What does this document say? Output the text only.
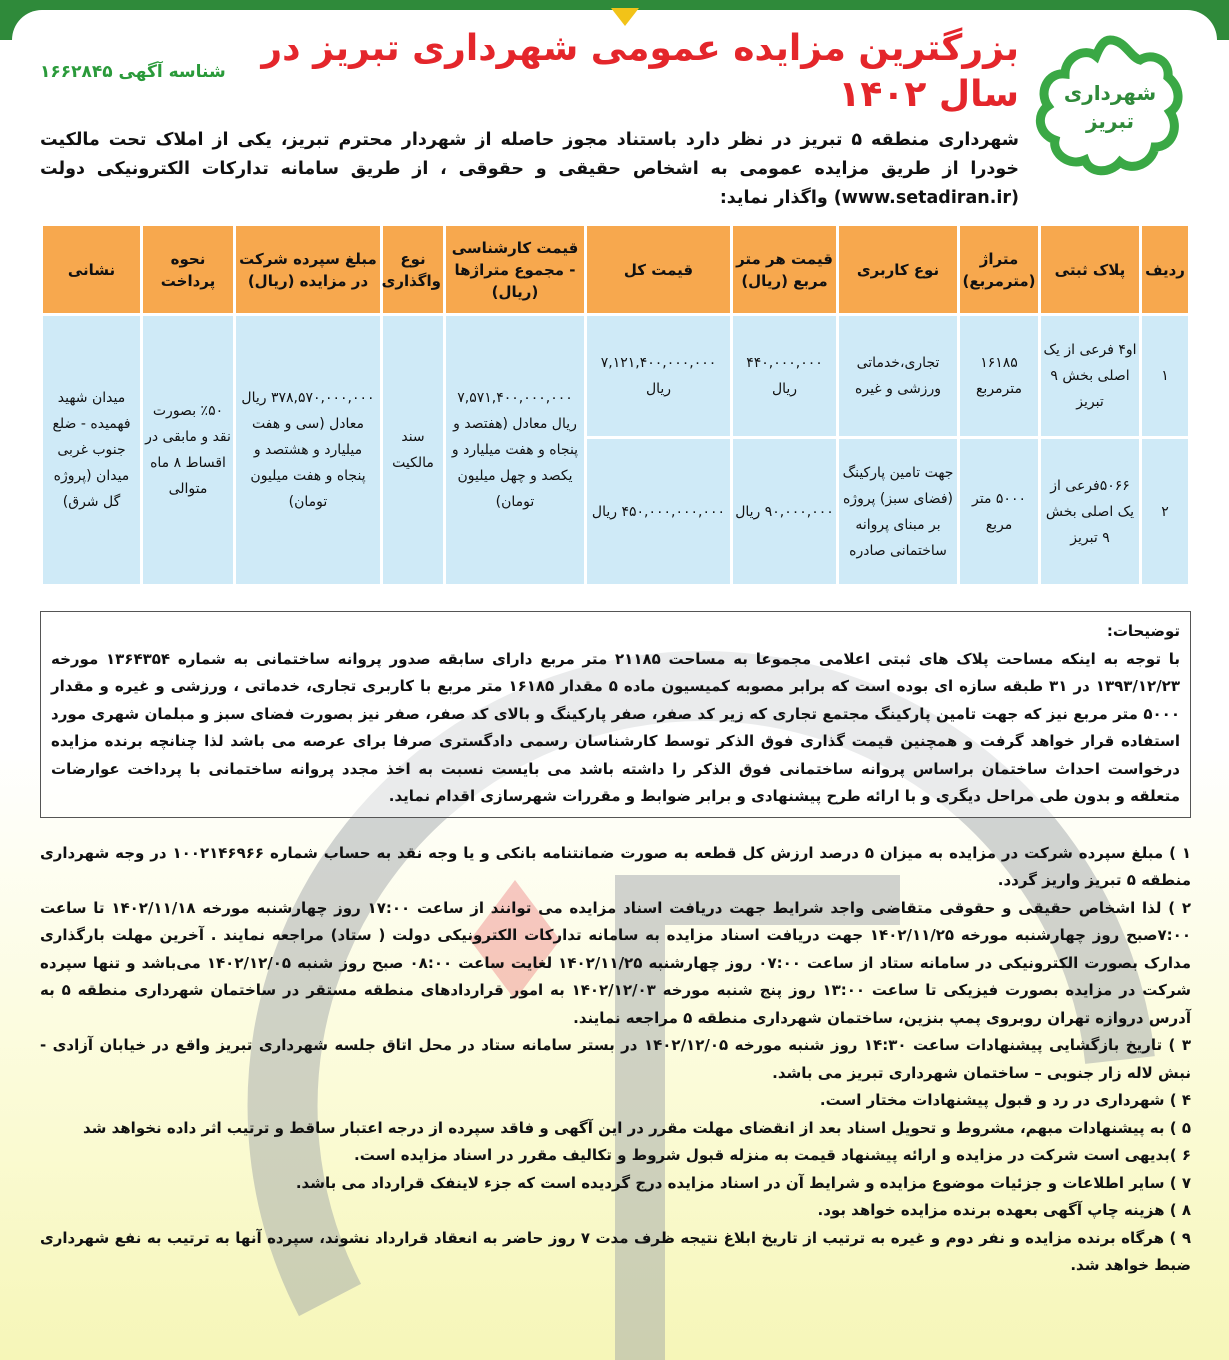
شهرداری
تبریز
بزرگترین مزایده عمومی شهرداری تبریز در سال ۱۴۰۲
شناسه آگهی ۱۶۶۲۸۴۵
شهرداری منطقه ۵ تبریز در نظر دارد باستناد مجوز حاصله از شهردار محترم تبریز، یکی از املاک تحت مالکیت خودرا از طریق مزایده عمومی به اشخاص حقیقی و حقوقی ، از طریق سامانه تدارکات الکترونیکی دولت (www.setadiran.ir) واگذار نماید:
ردیف	پلاک ثبتی	متراژ (مترمربع)	نوع کاربری	قیمت هر متر مربع (ریال)	قیمت کل	قیمت کارشناسی - مجموع متراژها (ریال)	نوع واگذاری	مبلغ سپرده شرکت در مزایده (ریال)	نحوه پرداخت	نشانی
۱	او۴ فرعی از یک اصلی بخش ۹ تبریز	۱۶۱۸۵ مترمربع	تجاری،خدماتی ورزشی و غیره	۴۴۰,۰۰۰,۰۰۰ ریال	۷,۱۲۱,۴۰۰,۰۰۰,۰۰۰ ریال	۷,۵۷۱,۴۰۰,۰۰۰,۰۰۰ ریال معادل (هفتصد و پنجاه و هفت میلیارد و یکصد و چهل میلیون تومان)	سند مالکیت	۳۷۸,۵۷۰,۰۰۰,۰۰۰ ریال معادل (سی و هفت میلیارد و هشتصد و پنجاه و هفت میلیون تومان)	٪۵۰ بصورت نقد و مابقی در اقساط ۸ ماه متوالی	میدان شهید فهمیده - ضلع جنوب غربی میدان (پروژه گل شرق)
۲	۵۰۶۶فرعی از یک اصلی بخش ۹ تبریز	۵۰۰۰ متر مربع	جهت تامین پارکینگ (فضای سبز) پروژه بر مبنای پروانه ساختمانی صادره	۹۰,۰۰۰,۰۰۰ ریال	۴۵۰,۰۰۰,۰۰۰,۰۰۰ ریال					
توضیحات:

با توجه به اینکه مساحت پلاک های ثبتی اعلامی مجموعا به مساحت ۲۱۱۸۵ متر مربع دارای سابقه صدور پروانه ساختمانی به شماره ۱۳۶۴۳۵۴ مورخه ۱۳۹۳/۱۲/۲۳ در ۳۱ طبقه سازه ای بوده است که برابر مصوبه کمیسیون ماده ۵ مقدار ۱۶۱۸۵ متر مربع با کاربری تجاری، خدماتی ، ورزشی و غیره و مقدار ۵۰۰۰ متر مربع نیز که جهت تامین پارکینگ مجتمع تجاری که زیر کد صفر، صفر پارکینگ و بالای کد صفر، صفر نیز بصورت فضای سبز و مبلمان شهری مورد استفاده قرار خواهد گرفت و همچنین قیمت گذاری فوق الذکر توسط کارشناسان رسمی دادگستری صرفا برای عرصه می باشد لذا چنانچه برنده مزایده درخواست احداث ساختمان براساس پروانه ساختمانی فوق الذکر را داشته باشد می بایست نسبت به اخذ مجدد پروانه ساختمانی با پرداخت عوارضات متعلقه و بدون طی مراحل دیگری و با ارائه طرح پیشنهادی و برابر ضوابط و مقررات شهرسازی اقدام نماید.

۱ ) مبلغ سپرده شرکت در مزایده به میزان ۵ درصد ارزش کل قطعه به صورت ضمانتنامه بانکی و یا وجه نقد به حساب شماره ۱۰۰۲۱۴۶۹۶۶ در وجه شهرداری منطقه ۵ تبریز واریز گردد.

۲ ) لذا اشخاص حقیقی و حقوقی متقاضی واجد شرایط جهت دریافت اسناد مزایده می توانند از ساعت ۱۷:۰۰ روز چهارشنبه مورخه ۱۴۰۲/۱۱/۱۸ تا ساعت ۷:۰۰صبح روز چهارشنبه مورخه ۱۴۰۲/۱۱/۲۵ جهت دریافت اسناد مزایده به سامانه تدارکات الکترونیکی دولت ( ستاد) مراجعه نمایند . آخرین مهلت بارگذاری مدارک بصورت الکترونیکی در سامانه ستاد از ساعت ۰۷:۰۰ روز چهارشنبه ۱۴۰۲/۱۱/۲۵ لغایت ساعت ۰۸:۰۰ صبح روز شنبه ۱۴۰۲/۱۲/۰۵ می‌باشد و تنها سپرده شرکت در مزایده بصورت فیزیکی تا ساعت ۱۳:۰۰ روز پنج شنبه مورخه ۱۴۰۲/۱۲/۰۳ به امور قراردادهای منطقه مستقر در ساختمان شهرداری منطقه ۵ به آدرس دروازه تهران روبروی پمپ بنزین، ساختمان شهرداری منطقه ۵ مراجعه نمایند.

۳ ) تاریخ بازگشایی پیشنهادات ساعت ۱۴:۳۰ روز شنبه مورخه ۱۴۰۲/۱۲/۰۵ در بستر سامانه ستاد در محل اتاق جلسه شهرداری تبریز واقع در خیابان آزادی - نبش لاله زار جنوبی – ساختمان شهرداری تبریز می باشد.

۴ ) شهرداری در رد و قبول پیشنهادات مختار است.

۵ ) به پیشنهادات مبهم، مشروط و تحویل اسناد بعد از انقضای مهلت مقرر در این آگهی و فاقد سپرده از درجه اعتبار ساقط و ترتیب اثر داده نخواهد شد

۶ )بدیهی است شرکت در مزایده و ارائه پیشنهاد قیمت به منزله قبول شروط و تکالیف مقرر در اسناد مزایده است.

۷ ) سایر اطلاعات و جزئیات موضوع مزایده و شرایط آن در اسناد مزایده درج گردیده است که جزء لاینفک قرارداد می باشد.

۸ ) هزینه چاپ آگهی بعهده برنده مزایده خواهد بود.

۹ ) هرگاه برنده مزایده و نفر دوم و غیره به ترتیب از تاریخ ابلاغ نتیجه ظرف مدت ۷ روز حاضر به انعقاد قرارداد نشوند، سپرده آنها به ترتیب به نفع شهرداری ضبط خواهد شد.
